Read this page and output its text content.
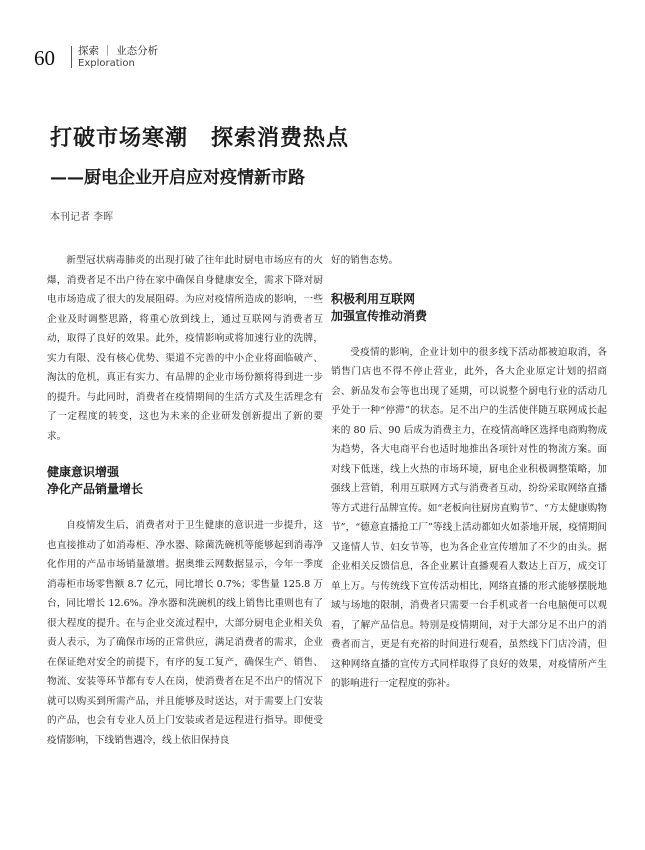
60 探索 ｜ 业态分析
Exploration
打破市场寒潮　探索消费热点
——厨电企业开启应对疫情新市路
本刊记者 李晖

新型冠状病毒肺炎的出现打破了往年此时厨电市场应有的火爆，消费者足不出户待在家中确保自身健康安全，需求下降对厨电市场造成了很大的发展阻碍。为应对疫情所造成的影响，一些企业及时调整思路，将重心放到线上，通过互联网与消费者互动，取得了良好的效果。此外，疫情影响或将加速行业的洗牌，实力有限、没有核心优势、渠道不完善的中小企业将面临破产、淘汰的危机，真正有实力、有品牌的企业市场份额将得到进一步的提升。与此同时，消费者在疫情期间的生活方式及生活理念有了一定程度的转变，这也为未来的企业研发创新提出了新的要求。

健康意识增强

净化产品销量增长

自疫情发生后，消费者对于卫生健康的意识进一步提升，这也直接推动了如消毒柜、净水器、除菌洗碗机等能够起到消毒净化作用的产品市场销量激增。据奥维云网数据显示，今年一季度消毒柜市场零售额 8.7 亿元，同比增长 0.7%；零售量 125.8 万台，同比增长 12.6%。净水器和洗碗机的线上销售比重则也有了很大程度的提升。在与企业交流过程中，大部分厨电企业相关负责人表示，为了确保市场的正常供应，满足消费者的需求，企业在保证绝对安全的前提下，有序的复工复产，确保生产、销售、物流、安装等环节都有专人在岗，使消费者在足不出户的情况下就可以购买到所需产品，并且能够及时送达，对于需要上门安装的产品，也会有专业人员上门安装或者是远程进行指导。即便受疫情影响，下线销售遇冷，线上依旧保持良

好的销售态势。

积极利用互联网

加强宣传推动消费

受疫情的影响，企业计划中的很多线下活动都被迫取消，各销售门店也不得不停止营业，此外，各大企业原定计划的招商会、新品发布会等也出现了延期，可以说整个厨电行业的活动几乎处于一种“停滞”的状态。足不出户的生活使伴随互联网成长起来的 80 后、90 后成为消费主力，在疫情高峰区选择电商购物成为趋势，各大电商平台也适时地推出各项针对性的物流方案。面对线下低迷，线上火热的市场环境，厨电企业积极调整策略，加强线上营销，利用互联网方式与消费者互动，纷纷采取网络直播等方式进行品牌宣传。如“老板向往厨房直购节”、“方太健康购物节”，“德意直播抢工厂”等线上活动都如火如荼地开展，疫情期间又逢情人节、妇女节等，也为各企业宣传增加了不少的由头。据企业相关反馈信息，各企业累计直播观看人数达上百万，成交订单上万。与传统线下宣传活动相比，网络直播的形式能够摆脱地域与场地的限制，消费者只需要一台手机或者一台电脑便可以观看，了解产品信息。特别是疫情期间，对于大部分足不出户的消费者而言，更是有充裕的时间进行观看，虽然线下门店冷清，但这种网络直播的宣传方式同样取得了良好的效果，对疫情所产生的影响进行一定程度的弥补。
